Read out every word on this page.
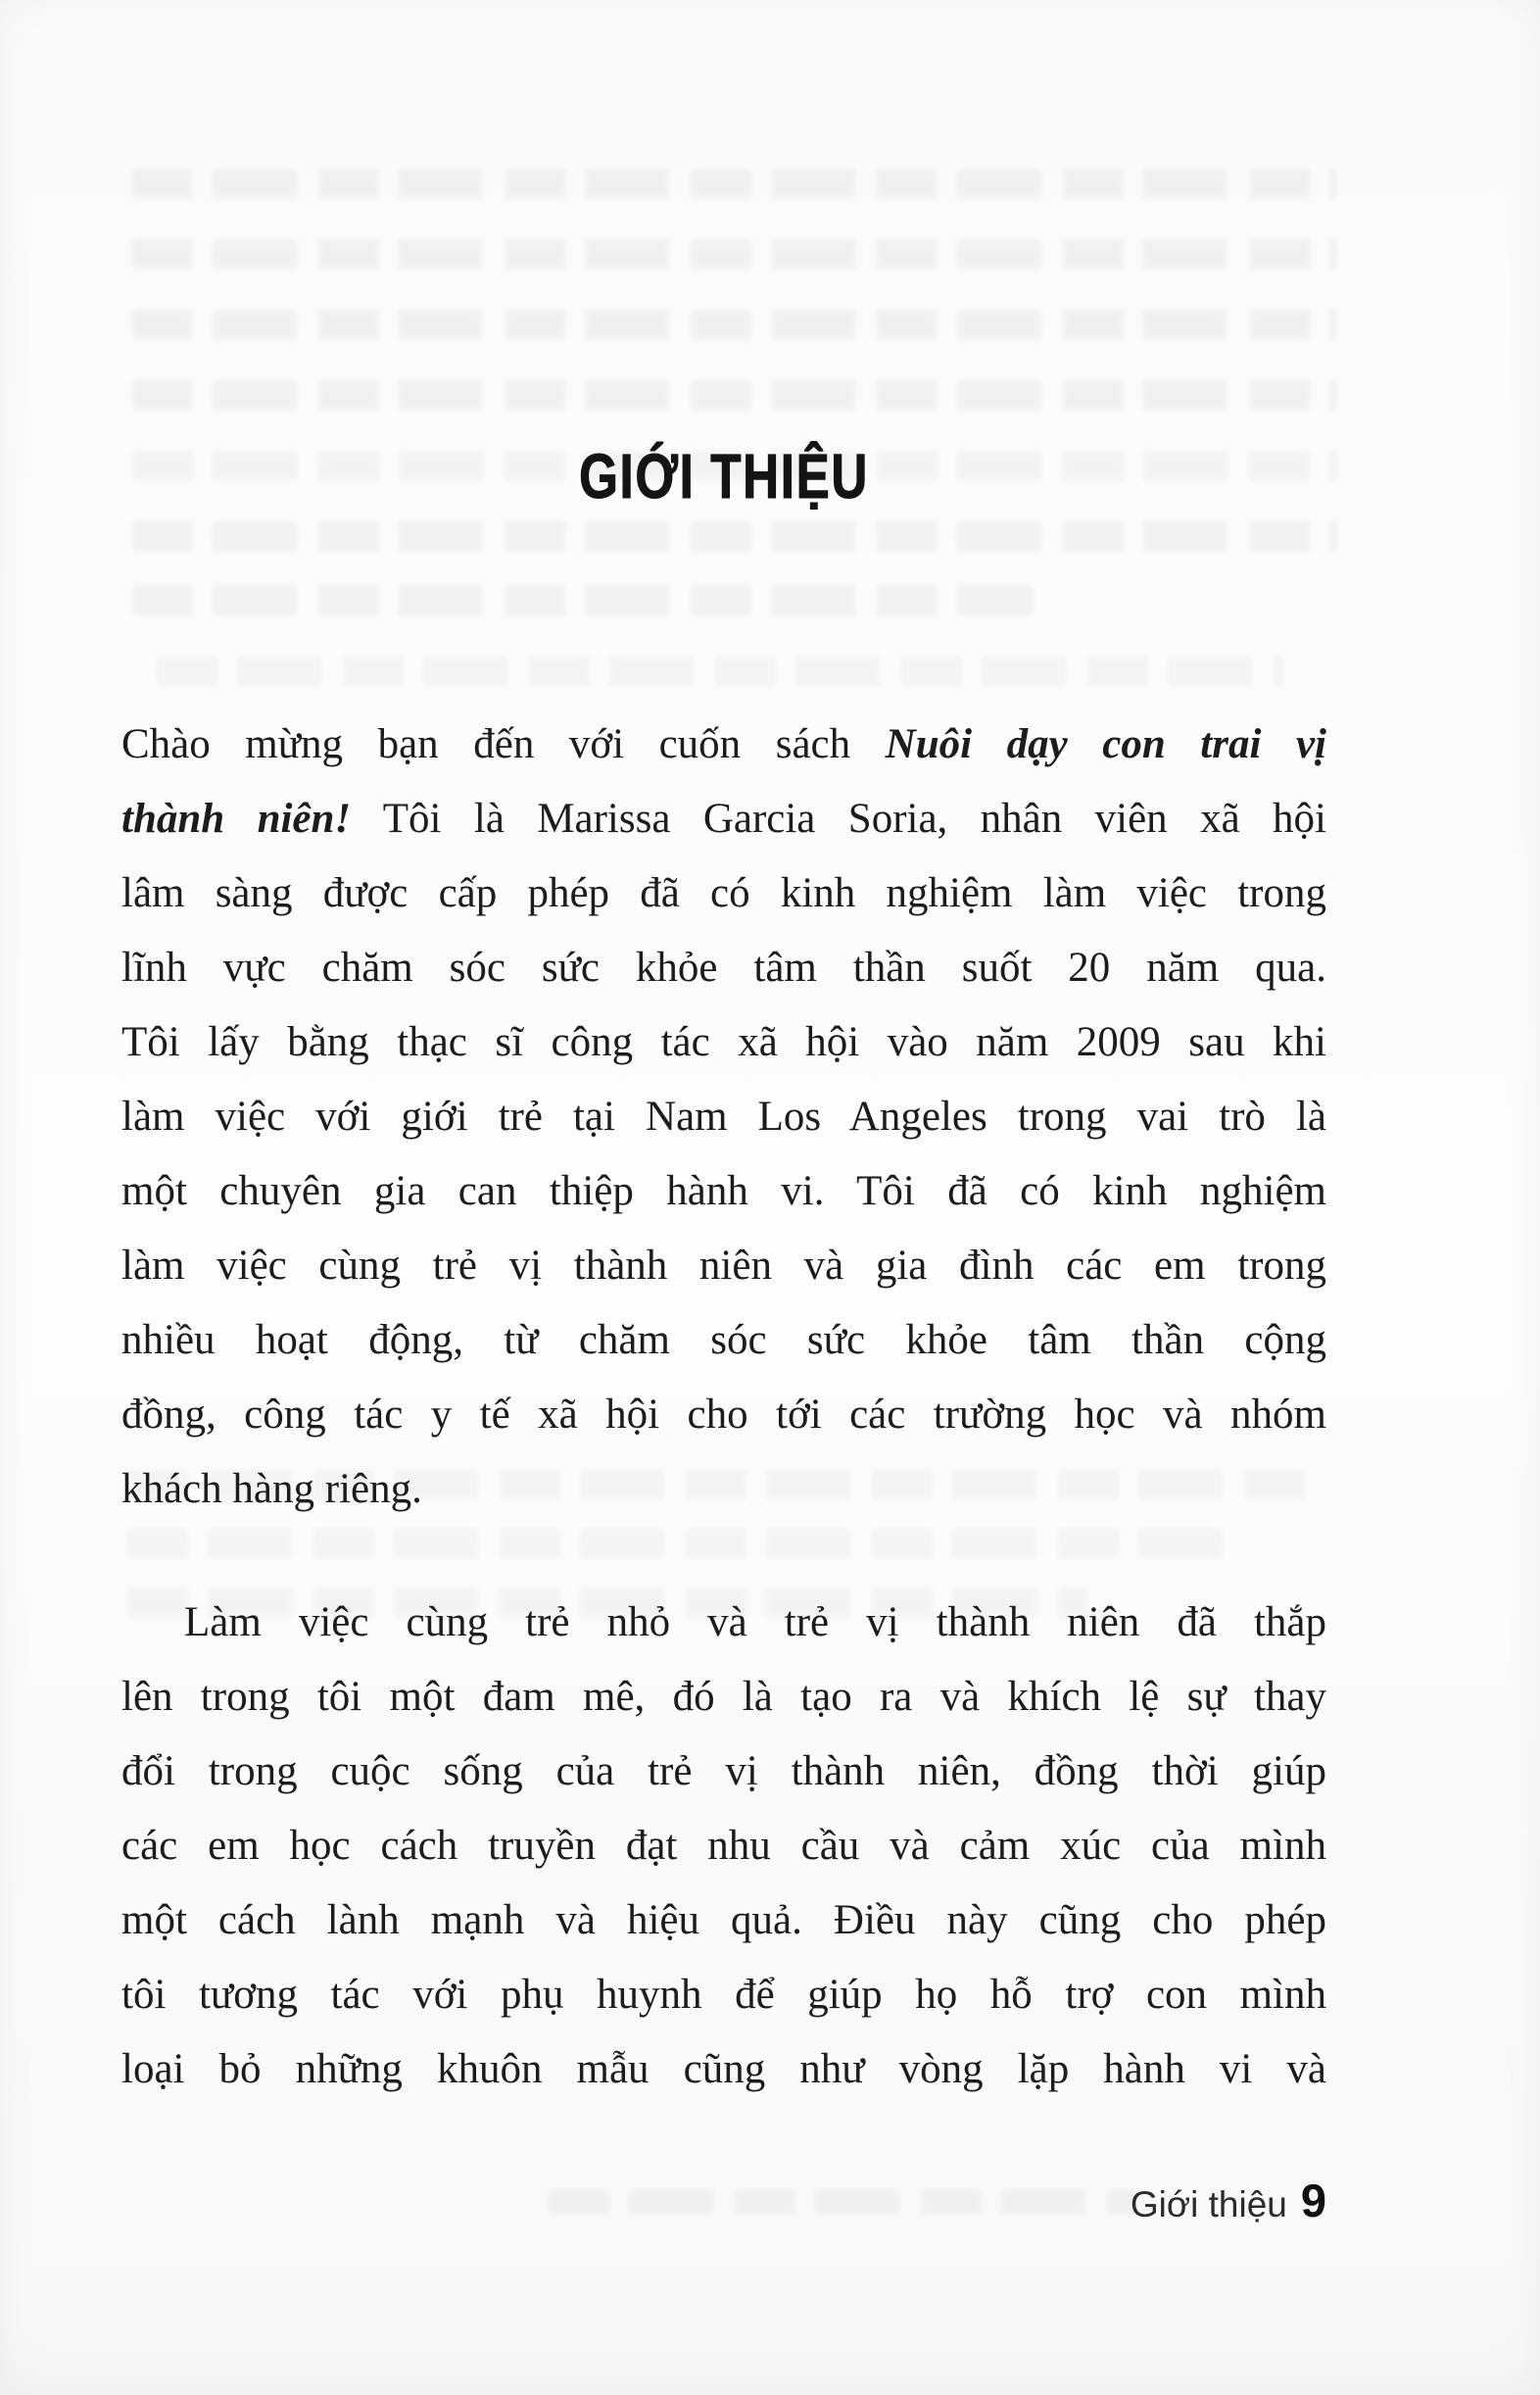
GIỚI THIỆU
Chào mừng bạn đến với cuốn sách Nuôi dạy con trai vị
thành niên! Tôi là Marissa Garcia Soria, nhân viên xã hội
lâm sàng được cấp phép đã có kinh nghiệm làm việc trong
lĩnh vực chăm sóc sức khỏe tâm thần suốt 20 năm qua.
Tôi lấy bằng thạc sĩ công tác xã hội vào năm 2009 sau khi
làm việc với giới trẻ tại Nam Los Angeles trong vai trò là
một chuyên gia can thiệp hành vi. Tôi đã có kinh nghiệm
làm việc cùng trẻ vị thành niên và gia đình các em trong
nhiều hoạt động, từ chăm sóc sức khỏe tâm thần cộng
đồng, công tác y tế xã hội cho tới các trường học và nhóm
khách hàng riêng.
Làm việc cùng trẻ nhỏ và trẻ vị thành niên đã thắp
lên trong tôi một đam mê, đó là tạo ra và khích lệ sự thay
đổi trong cuộc sống của trẻ vị thành niên, đồng thời giúp
các em học cách truyền đạt nhu cầu và cảm xúc của mình
một cách lành mạnh và hiệu quả. Điều này cũng cho phép
tôi tương tác với phụ huynh để giúp họ hỗ trợ con mình
loại bỏ những khuôn mẫu cũng như vòng lặp hành vi và
Giới thiệu 9
